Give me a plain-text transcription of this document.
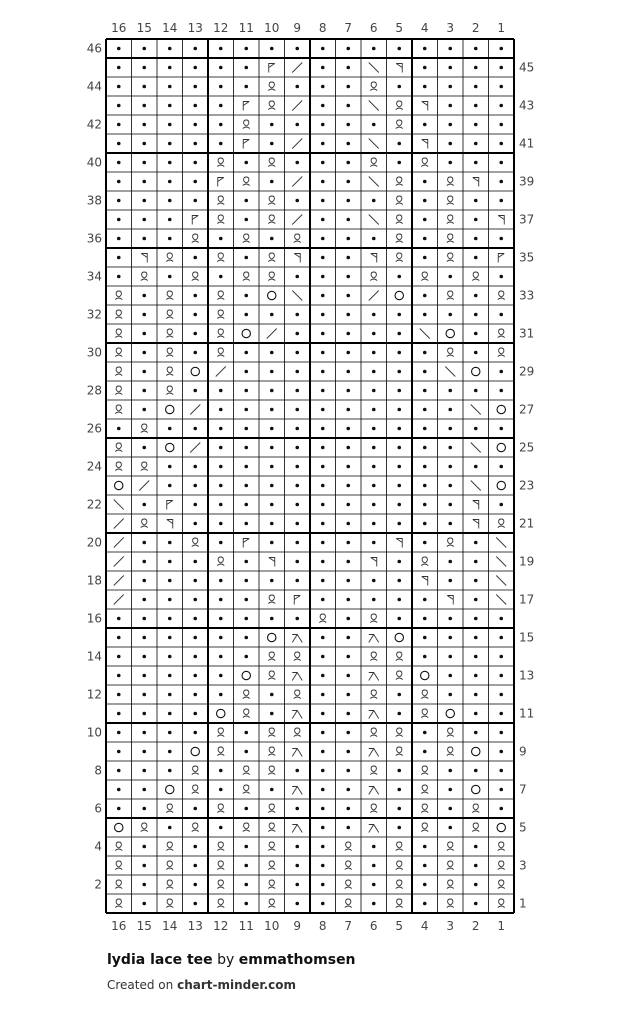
16
16
15
15
14
14
13
13
12
12
11
11
10
10
9
9
8
8
7
7
6
6
5
5
4
4
3
3
2
2
1
1
46
44
42
40
38
36
34
32
30
28
26
24
22
20
18
16
14
12
10
8
6
4
2
45
43
41
39
37
35
33
31
29
27
25
23
21
19
17
15
13
11
9
7
5
3
1
lydia lace tee by emmathomsen
Created on chart-minder.com
